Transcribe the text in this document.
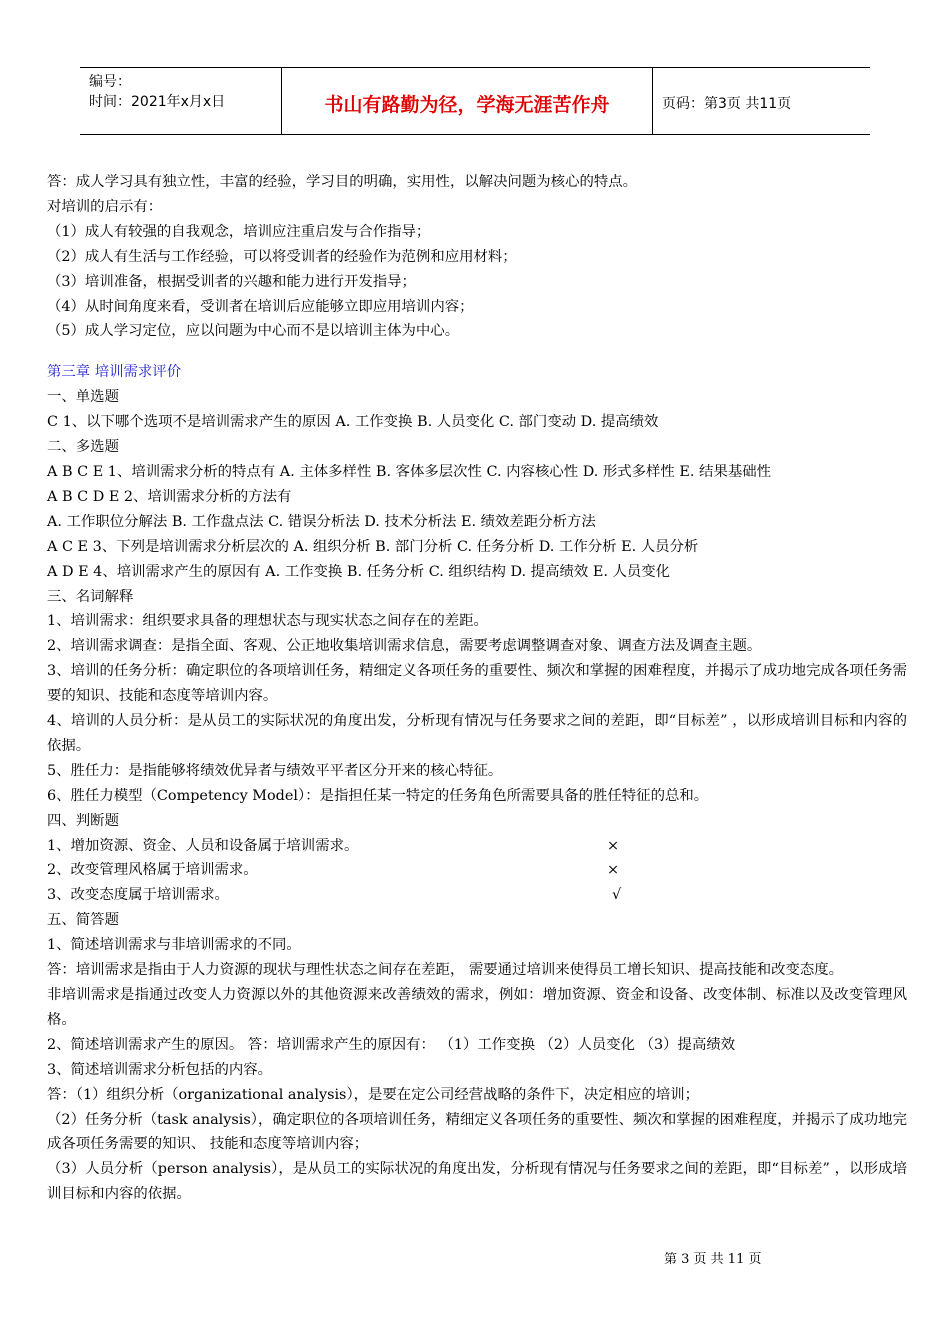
编号：
时间：2021年x月x日	书山有路勤为径，学海无涯苦作舟	页码：第3页 共11页
答：成人学习具有独立性，丰富的经验，学习目的明确，实用性，以解决问题为核心的特点。
对培训的启示有：
（1）成人有较强的自我观念，培训应注重启发与合作指导；
（2）成人有生活与工作经验，可以将受训者的经验作为范例和应用材料；
（3）培训准备，根据受训者的兴趣和能力进行开发指导；
（4）从时间角度来看，受训者在培训后应能够立即应用培训内容；
（5）成人学习定位，应以问题为中心而不是以培训主体为中心。
第三章 培训需求评价
一、单选题
C 1、以下哪个选项不是培训需求产生的原因 A. 工作变换 B. 人员变化 C. 部门变动 D. 提高绩效
二、多选题
A B C E 1、培训需求分析的特点有 A. 主体多样性 B. 客体多层次性 C. 内容核心性 D. 形式多样性 E. 结果基础性
A B C D E 2、培训需求分析的方法有
A. 工作职位分解法 B. 工作盘点法 C. 错误分析法 D. 技术分析法 E. 绩效差距分析方法
A C E 3、下列是培训需求分析层次的 A. 组织分析 B. 部门分析 C. 任务分析 D. 工作分析 E. 人员分析
A D E 4、培训需求产生的原因有 A. 工作变换 B. 任务分析 C. 组织结构 D. 提高绩效 E. 人员变化
三、名词解释
1、培训需求：组织要求具备的理想状态与现实状态之间存在的差距。
2、培训需求调查：是指全面、客观、公正地收集培训需求信息，需要考虑调整调查对象、调查方法及调查主题。
3、培训的任务分析：确定职位的各项培训任务，精细定义各项任务的重要性、频次和掌握的困难程度，并揭示了成功地完成各项任务需要的知识、技能和态度等培训内容。
4、培训的人员分析：是从员工的实际状况的角度出发，分析现有情况与任务要求之间的差距，即“目标差” ，以形成培训目标和内容的依据。
5、胜任力：是指能够将绩效优异者与绩效平平者区分开来的核心特征。
6、胜任力模型（Competency Model）：是指担任某一特定的任务角色所需要具备的胜任特征的总和。
四、判断题
1、增加资源、资金、人员和设备属于培训需求。	×
2、改变管理风格属于培训需求。	×
3、改变态度属于培训需求。	√
五、简答题
1、简述培训需求与非培训需求的不同。
答：培训需求是指由于人力资源的现状与理性状态之间存在差距， 需要通过培训来使得员工增长知识、提高技能和改变态度。
非培训需求是指通过改变人力资源以外的其他资源来改善绩效的需求，例如：增加资源、资金和设备、改变体制、标准以及改变管理风格。
2、简述培训需求产生的原因。 答：培训需求产生的原因有： （1）工作变换 （2）人员变化 （3）提高绩效
3、简述培训需求分析包括的内容。
答：（1）组织分析（organizational analysis），是要在定公司经营战略的条件下，决定相应的培训；
（2）任务分析（task analysis），确定职位的各项培训任务，精细定义各项任务的重要性、频次和掌握的困难程度，并揭示了成功地完成各项任务需要的知识、 技能和态度等培训内容；
（3）人员分析（person analysis），是从员工的实际状况的角度出发，分析现有情况与任务要求之间的差距，即“目标差” ，以形成培训目标和内容的依据。
第 3 页 共 11 页
